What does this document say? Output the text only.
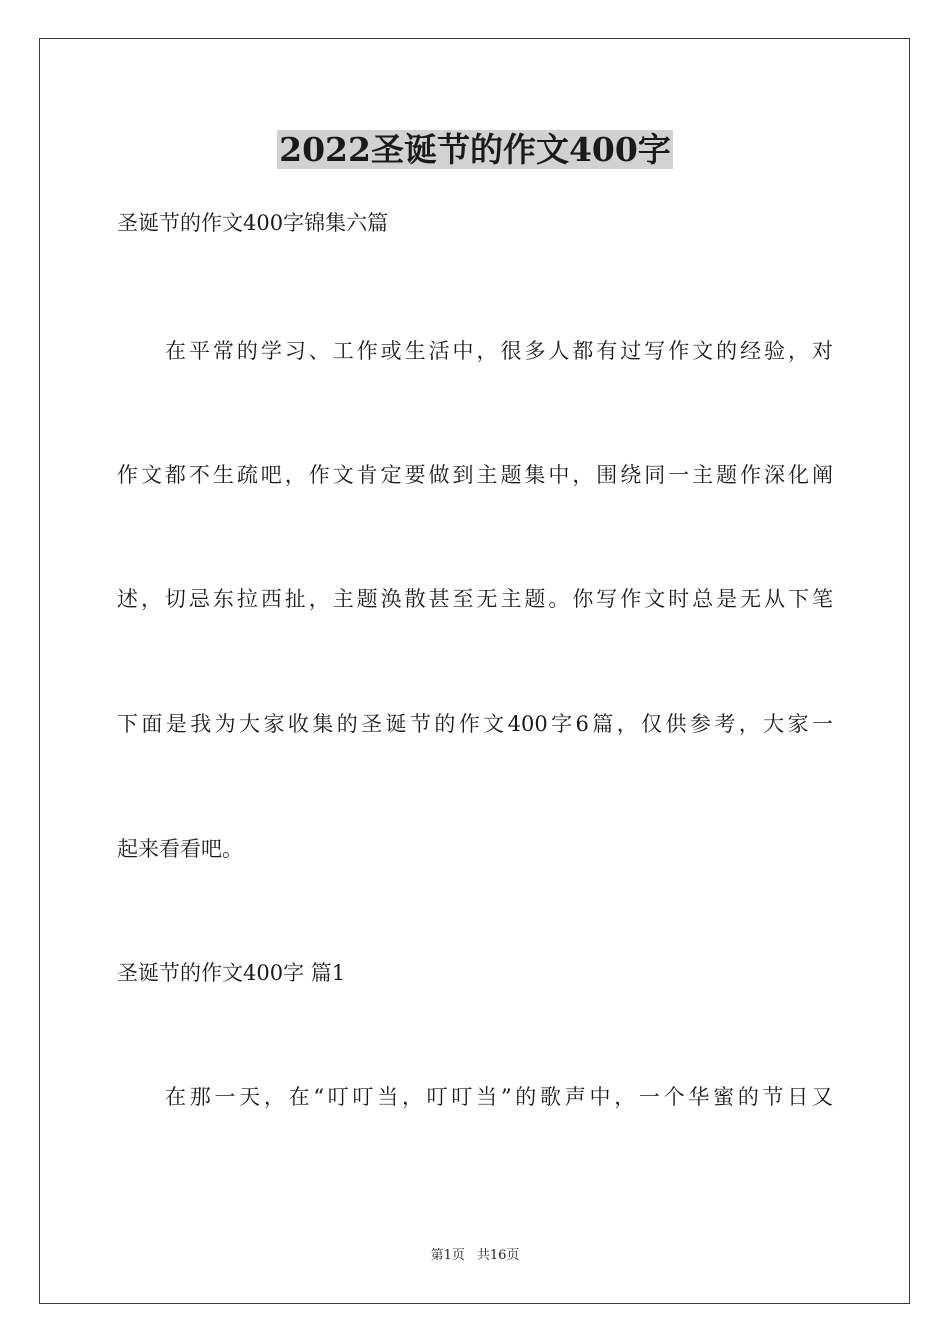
2022圣诞节的作文400字

圣诞节的作文400字锦集六篇

在平常的学习、工作或生活中，很多人都有过写作文的经验，对

作文都不生疏吧，作文肯定要做到主题集中，围绕同一主题作深化阐

述，切忌东拉西扯，主题涣散甚至无主题。你写作文时总是无从下笔

下面是我为大家收集的圣诞节的作文400字6篇，仅供参考，大家一

起来看看吧。

圣诞节的作文400字 篇1

在那一天，在“叮叮当，叮叮当”的歌声中，一个华蜜的节日又

第1页 共16页
